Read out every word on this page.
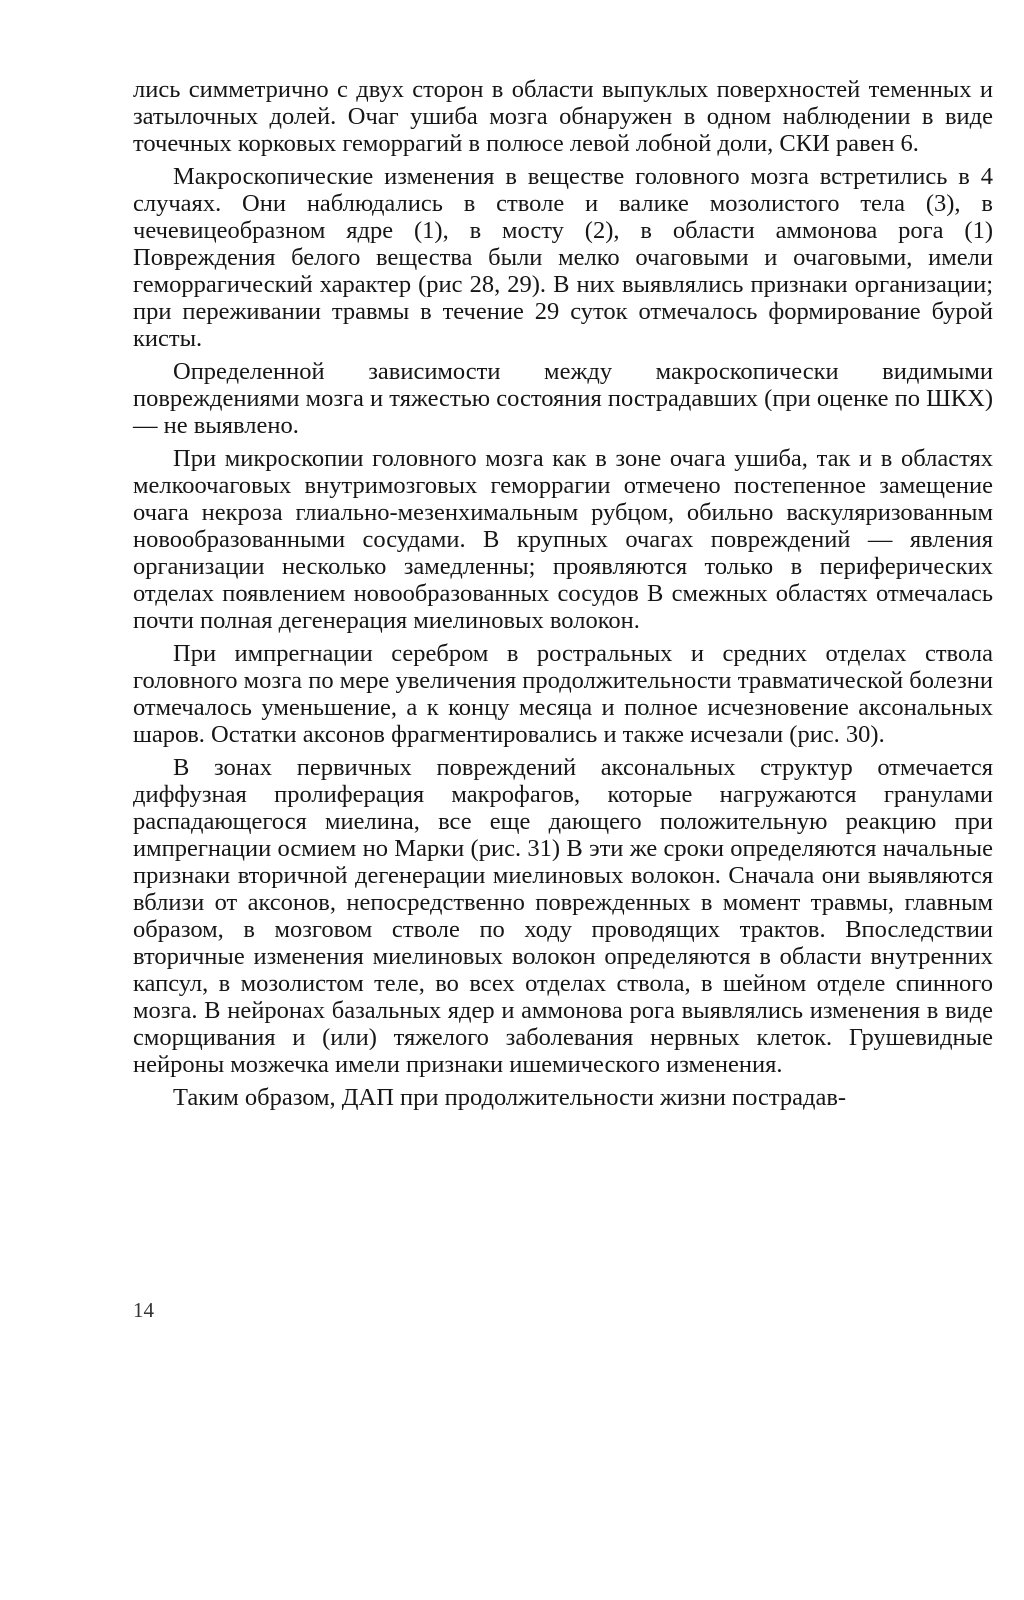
лись симметрично с двух сторон в области выпуклых поверхностей теменных и затылочных долей. Очаг ушиба мозга обнаружен в одном наблюдении в виде точечных корковых геморрагий в полюсе левой лобной доли, СКИ равен 6.

Макроскопические изменения в веществе головного мозга встретились в 4 случаях. Они наблюдались в стволе и валике мозолистого тела (3), в чечевицеобразном ядре (1), в мосту (2), в области аммонова рога (1) Повреждения белого вещества были мелко очаговыми и очаговыми, имели геморрагический характер (рис 28, 29). В них выявлялись признаки организации; при переживании травмы в течение 29 суток отмечалось формирование бурой кисты.

Определенной зависимости между макроскопически видимыми повреждениями мозга и тяжестью состояния пострадавших (при оценке по ШКХ) — не выявлено.

При микроскопии головного мозга как в зоне очага ушиба, так и в областях мелкоочаговых внутримозговых геморрагии отмечено постепенное замещение очага некроза глиально-мезенхимальным рубцом, обильно васкуляризованным новообразованными сосудами. В крупных очагах повреждений — явления организации несколько замедленны; проявляются только в периферических отделах появлением новообразованных сосудов В смежных областях отмечалась почти полная дегенерация миелиновых волокон.

При импрегнации серебром в ростральных и средних отделах ствола головного мозга по мере увеличения продолжительности травматической болезни отмечалось уменьшение, а к концу месяца и полное исчезновение аксональных шаров. Остатки аксонов фрагментировались и также исчезали (рис. 30).

В зонах первичных повреждений аксональных структур отмечается диффузная пролиферация макрофагов, которые нагружаются гранулами распадающегося миелина, все еще дающего положительную реакцию при импрегнации осмием но Марки (рис. 31) В эти же сроки определяются начальные признаки вторичной дегенерации миелиновых волокон. Сначала они выявляются вблизи от аксонов, непосредственно поврежденных в момент травмы, главным образом, в мозговом стволе по ходу проводящих трактов. Впоследствии вторичные изменения миелиновых волокон определяются в области внутренних капсул, в мозолистом теле, во всех отделах ствола, в шейном отделе спинного мозга. В нейронах базальных ядер и аммонова рога выявлялись изменения в виде сморщивания и (или) тяжелого заболевания нервных клеток. Грушевидные нейроны мозжечка имели признаки ишемического изменения.

Таким образом, ДАП при продолжительности жизни пострадав-

14
